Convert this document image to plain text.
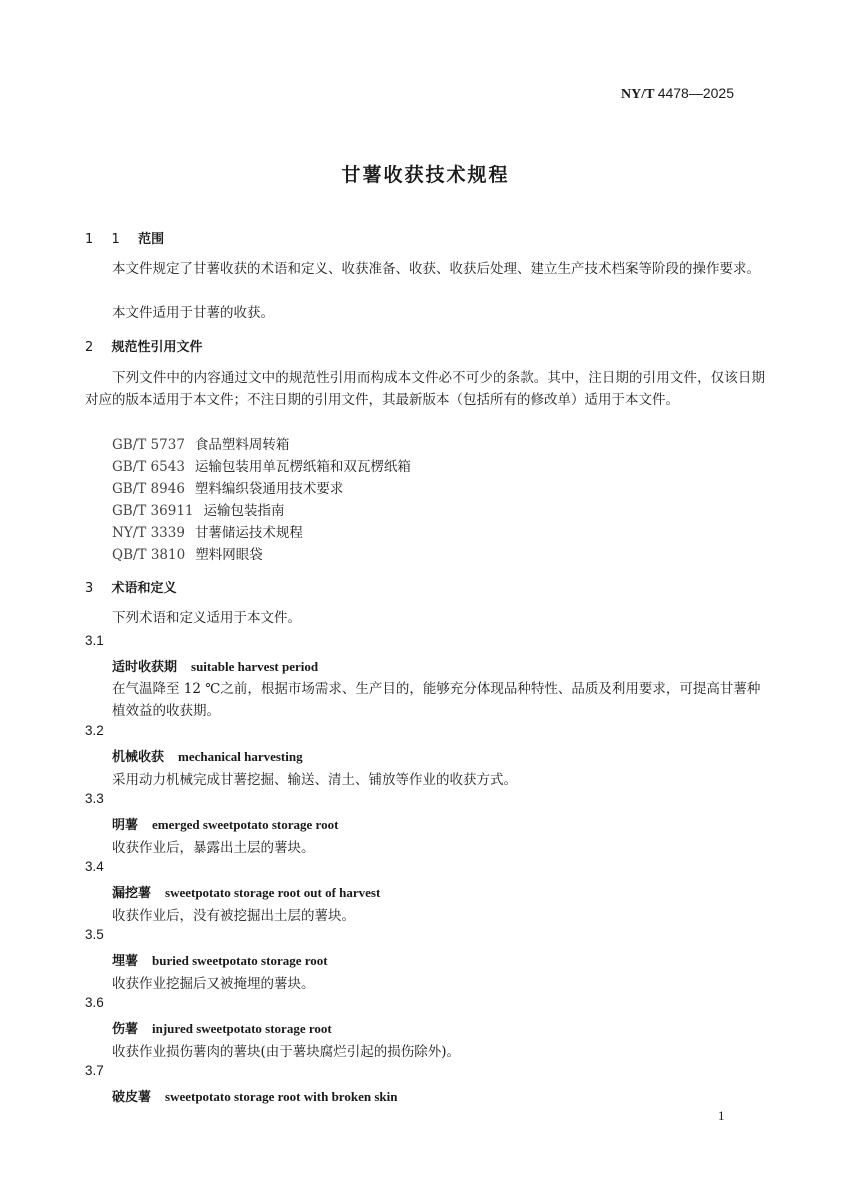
NY/T 4478—2025
甘薯收获技术规程
1 1 范围
本文件规定了甘薯收获的术语和定义、收获准备、收获、收获后处理、建立生产技术档案等阶段的操作要求。
本文件适用于甘薯的收获。
2 规范性引用文件
下列文件中的内容通过文中的规范性引用而构成本文件必不可少的条款。其中，注日期的引用文件，仅该日期对应的版本适用于本文件；不注日期的引用文件，其最新版本（包括所有的修改单）适用于本文件。
GB/T 5737 食品塑料周转箱
GB/T 6543 运输包装用单瓦楞纸箱和双瓦楞纸箱
GB/T 8946 塑料编织袋通用技术要求
GB/T 36911 运输包装指南
NY/T 3339 甘薯储运技术规程
QB/T 3810 塑料网眼袋
3 术语和定义
下列术语和定义适用于本文件。
3.1
适时收获期 suitable harvest period
在气温降至 12 ℃之前，根据市场需求、生产目的，能够充分体现品种特性、品质及利用要求，可提高甘薯种植效益的收获期。
3.2
机械收获 mechanical harvesting
采用动力机械完成甘薯挖掘、输送、清土、铺放等作业的收获方式。
3.3
明薯 emerged sweetpotato storage root
收获作业后，暴露出土层的薯块。
3.4
漏挖薯 sweetpotato storage root out of harvest
收获作业后，没有被挖掘出土层的薯块。
3.5
埋薯 buried sweetpotato storage root
收获作业挖掘后又被掩埋的薯块。
3.6
伤薯 injured sweetpotato storage root
收获作业损伤薯肉的薯块(由于薯块腐烂引起的损伤除外)。
3.7
破皮薯 sweetpotato storage root with broken skin
1
